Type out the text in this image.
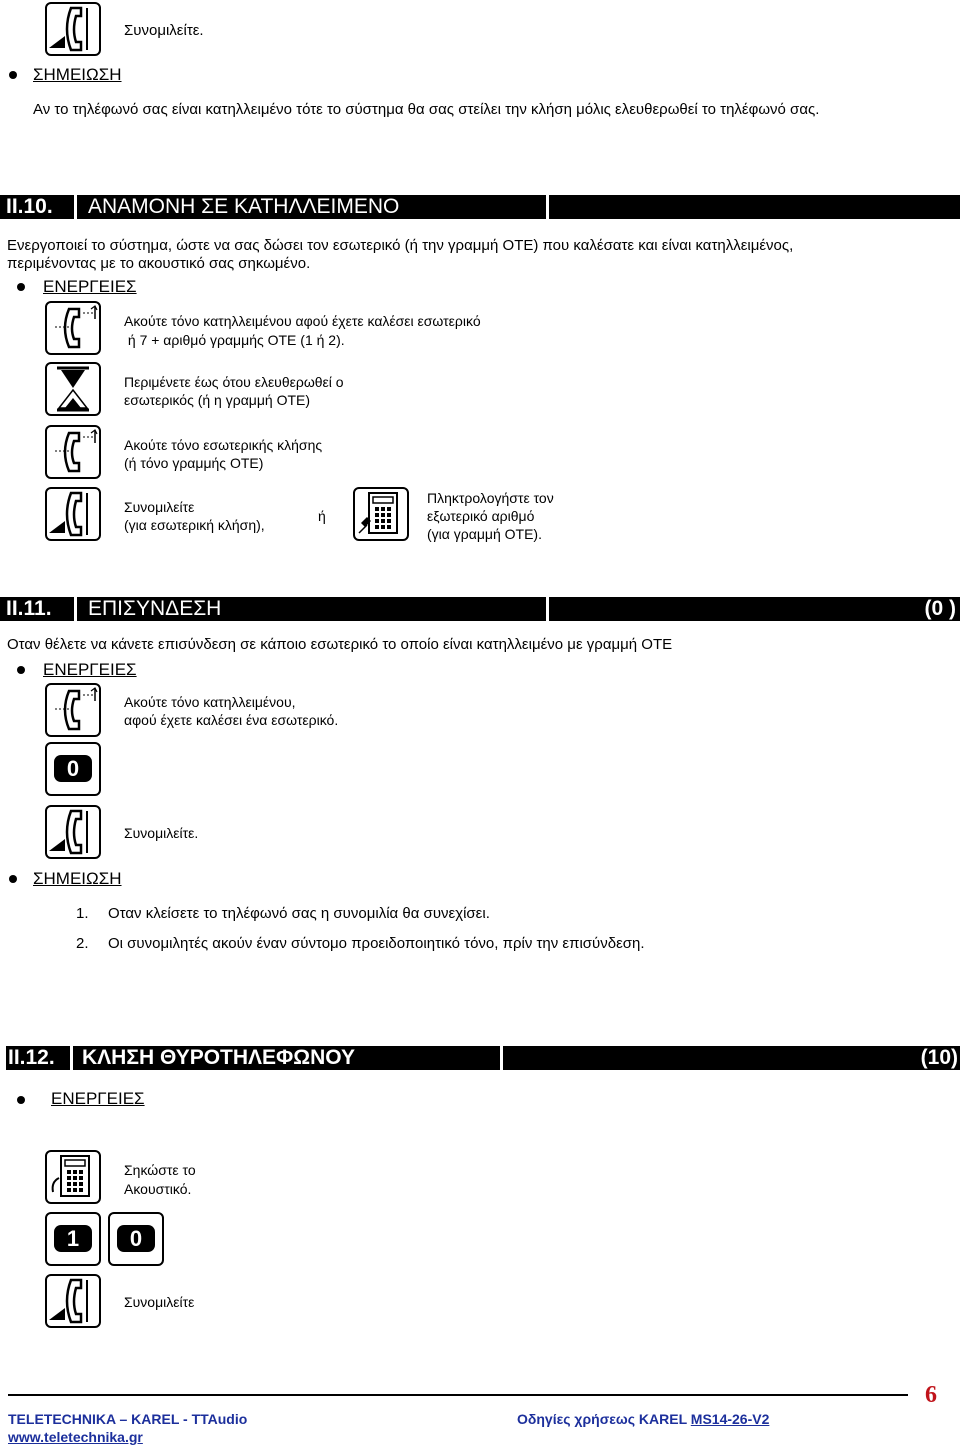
Συνομιλείτε.
ΣΗΜΕΙΩΣΗ
Αν το τηλέφωνό σας είναι κατηλλειμένο τότε το σύστημα θα σας στείλει την κλήση μόλις ελευθερωθεί το τηλέφωνό σας.
II.10. ΑΝΑΜΟΝΗ ΣΕ ΚΑΤΗΛΛΕΙΜΕΝΟ
Ενεργοποιεί το σύστημα, ώστε να σας δώσει τον εσωτερικό (ή την γραμμή ΟΤΕ) που καλέσατε και είναι κατηλλειμένος,
περιμένοντας με το ακουστικό σας σηκωμένο.
ΕΝΕΡΓΕΙΕΣ
Ακούτε τόνο κατηλλειμένου αφού έχετε καλέσει εσωτερικό
ή 7 + αριθμό γραμμής ΟΤΕ (1 ή 2).
Περιμένετε έως ότου ελευθερωθεί ο
εσωτερικός (ή η γραμμή ΟΤΕ)
Ακούτε τόνο εσωτερικής κλήσης
(ή τόνο γραμμής ΟΤΕ)
Συνομιλείτε
(για εσωτερική κλήση),
ή
Πληκτρολογήστε τον
εξωτερικό αριθμό
(για γραμμή ΟΤΕ).
II.11. ΕΠΙΣΥΝΔΕΣΗ	(0 )
Οταν θέλετε να κάνετε επισύνδεση σε κάποιο εσωτερικό το οποίο είναι κατηλλειμένο με γραμμή ΟΤΕ
ΕΝΕΡΓΕΙΕΣ
Ακούτε τόνο κατηλλειμένου,
αφού έχετε καλέσει ένα εσωτερικό.
0
Συνομιλείτε.
ΣΗΜΕΙΩΣΗ
1. Οταν κλείσετε το τηλέφωνό σας η συνομιλία θα συνεχίσει.
2. Οι συνομιλητές ακούν έναν σύντομο προειδοποιητικό τόνο, πρίν την επισύνδεση.
II.12. ΚΛΗΣΗ ΘΥΡΟΤΗΛΕΦΩΝΟΥ	(10)
ΕΝΕΡΓΕΙΕΣ
Σηκώστε το
Ακουστικό.
1	0
Συνομιλείτε
6
TELETECHNIKA – KAREL - TTAudio
www.teletechnika.gr
Οδηγίες χρήσεως KAREL MS14-26-V2
